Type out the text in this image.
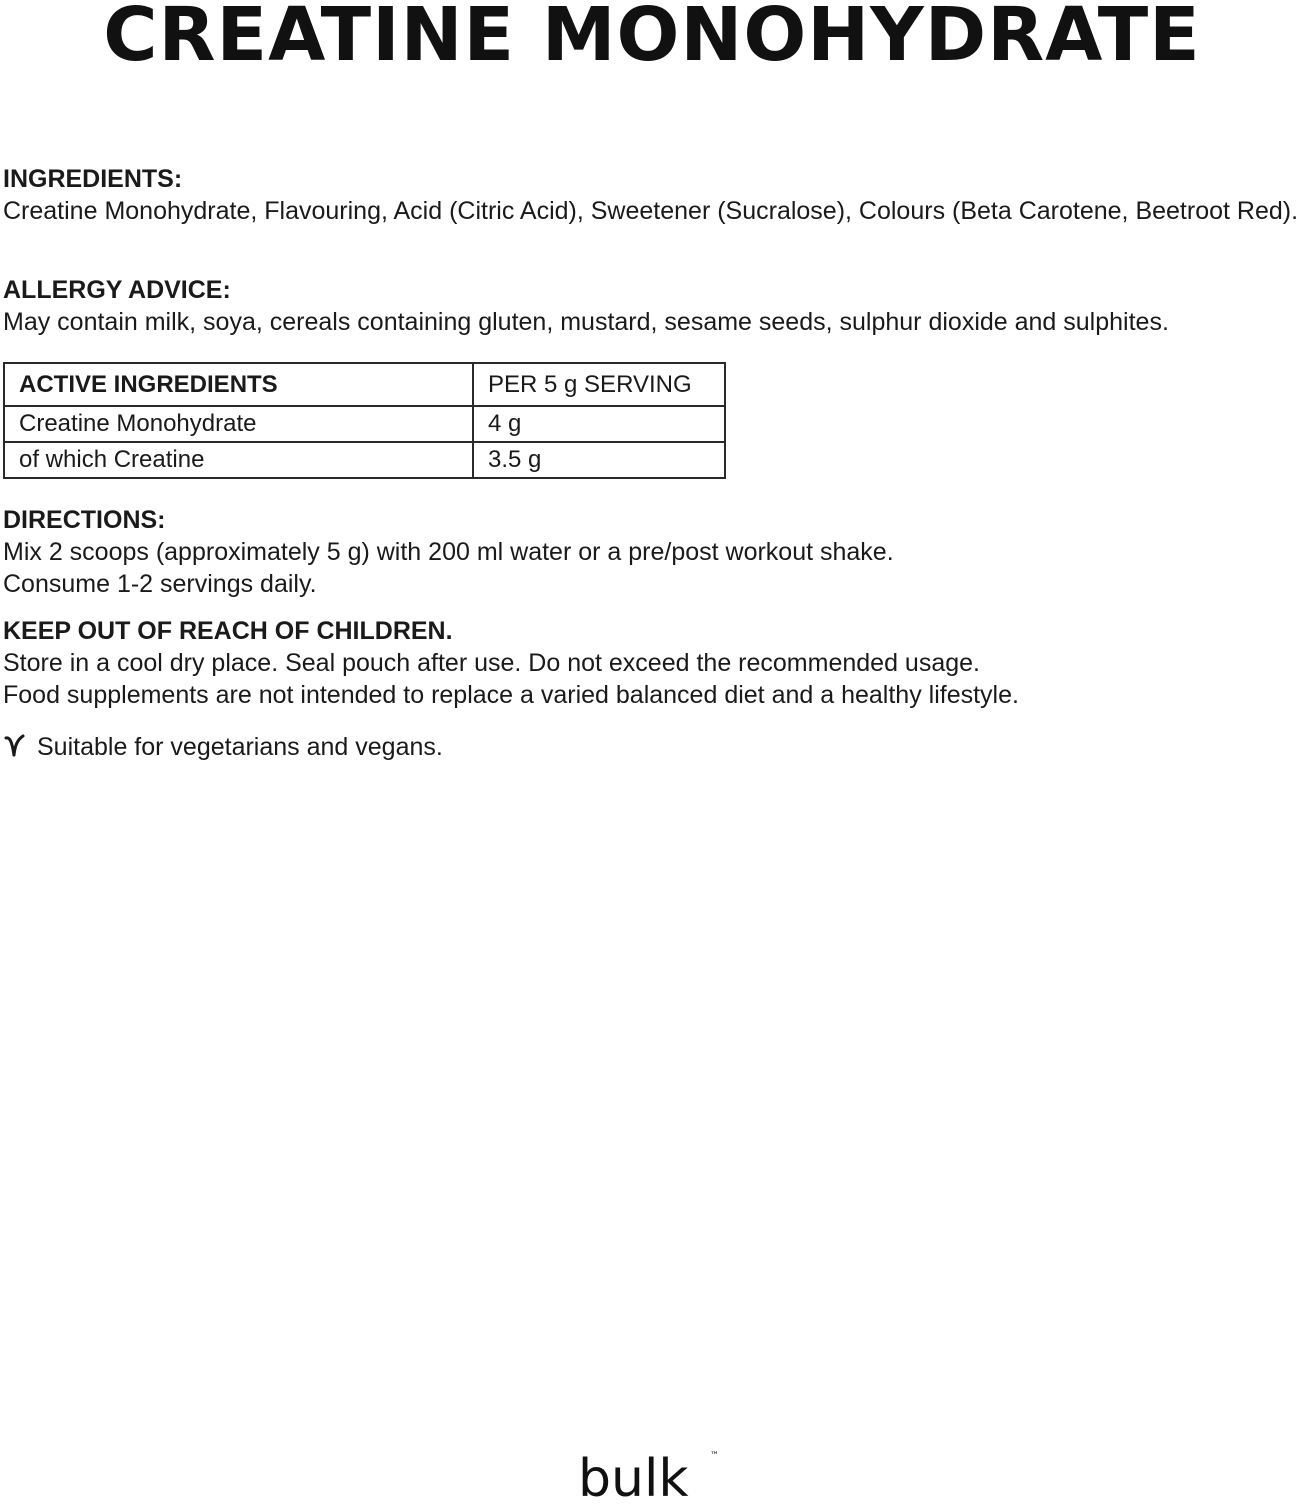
CREATINE MONOHYDRATE
INGREDIENTS:
Creatine Monohydrate, Flavouring, Acid (Citric Acid), Sweetener (Sucralose), Colours (Beta Carotene, Beetroot Red).
ALLERGY ADVICE:
May contain milk, soya, cereals containing gluten, mustard, sesame seeds, sulphur dioxide and sulphites.
ACTIVE INGREDIENTS	PER 5 g SERVING
Creatine Monohydrate	4 g
of which Creatine	3.5 g
DIRECTIONS:
Mix 2 scoops (approximately 5 g) with 200 ml water or a pre/post workout shake.
Consume 1-2 servings daily.
KEEP OUT OF REACH OF CHILDREN.
Store in a cool dry place. Seal pouch after use. Do not exceed the recommended usage.
Food supplements are not intended to replace a varied balanced diet and a healthy lifestyle.
Suitable for vegetarians and vegans.
bulk ™
